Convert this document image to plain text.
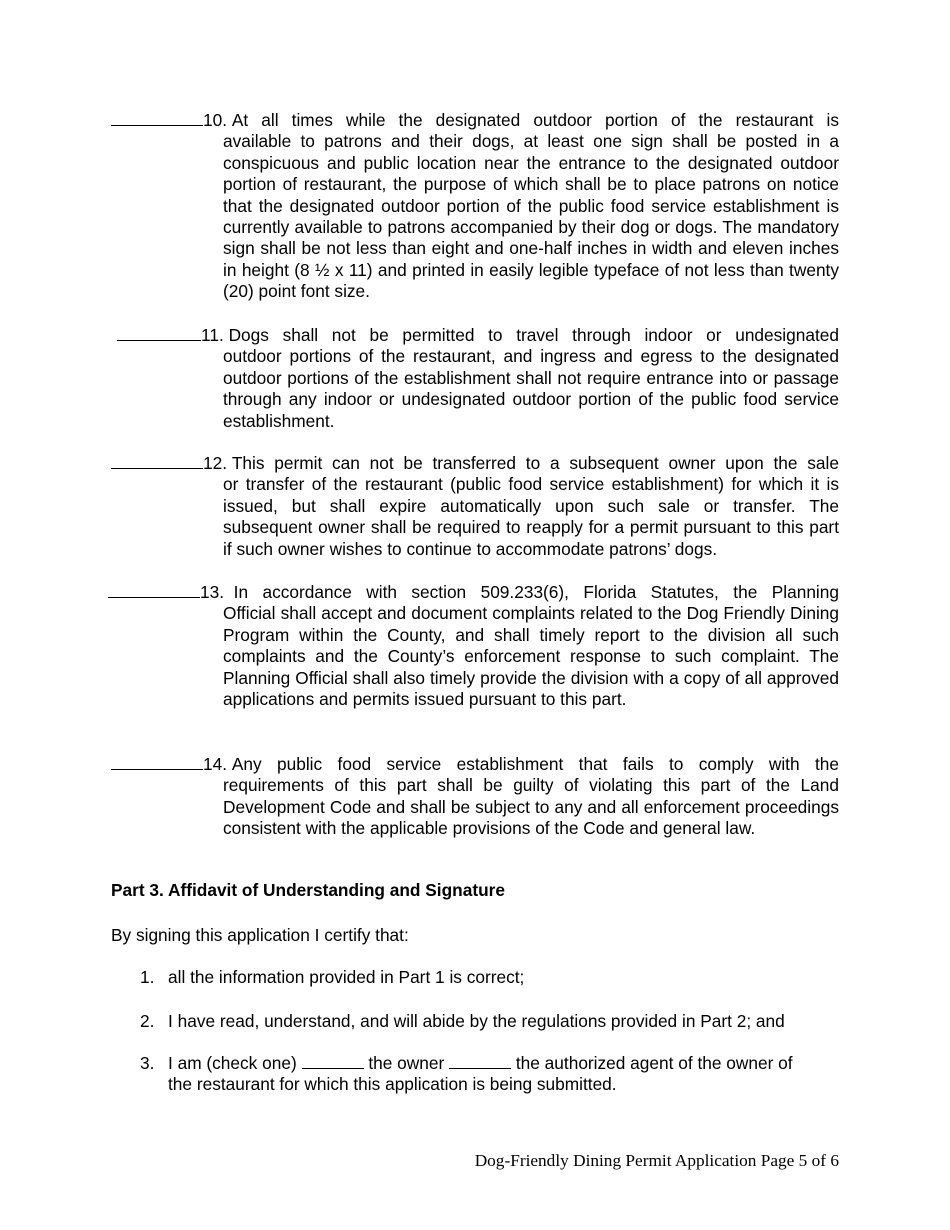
10.
At all times while the designated outdoor portion of the restaurant is
available to patrons and their dogs, at least one sign shall be posted in a conspicuous and public location near the entrance to the designated outdoor portion of restaurant, the purpose of which shall be to place patrons on notice that the designated outdoor portion of the public food service establishment is currently available to patrons accompanied by their dog or dogs. The mandatory sign shall be not less than eight and one-half inches in width and eleven inches in height (8 ½ x 11) and printed in easily legible typeface of not less than twenty (20) point font size.
11.
Dogs shall not be permitted to travel through indoor or undesignated
outdoor portions of the restaurant, and ingress and egress to the designated outdoor portions of the establishment shall not require entrance into or passage through any indoor or undesignated outdoor portion of the public food service establishment.
12.
This permit can not be transferred to a subsequent owner upon the sale
or transfer of the restaurant (public food service establishment) for which it is issued, but shall expire automatically upon such sale or transfer. The subsequent owner shall be required to reapply for a permit pursuant to this part if such owner wishes to continue to accommodate patrons’ dogs.
13.
In accordance with section 509.233(6), Florida Statutes, the Planning
Official shall accept and document complaints related to the Dog Friendly Dining Program within the County, and shall timely report to the division all such complaints and the County’s enforcement response to such complaint. The Planning Official shall also timely provide the division with a copy of all approved applications and permits issued pursuant to this part.
14.
Any public food service establishment that fails to comply with the
requirements of this part shall be guilty of violating this part of the Land Development Code and shall be subject to any and all enforcement proceedings consistent with the applicable provisions of the Code and general law.
Part 3. Affidavit of Understanding and Signature
By signing this application I certify that:
1. all the information provided in Part 1 is correct;
2. I have read, understand, and will abide by the regulations provided in Part 2; and
3. I am (check one)	the owner	the authorized agent of the owner of
the restaurant for which this application is being submitted.
Dog-Friendly Dining Permit Application Page 5 of 6
